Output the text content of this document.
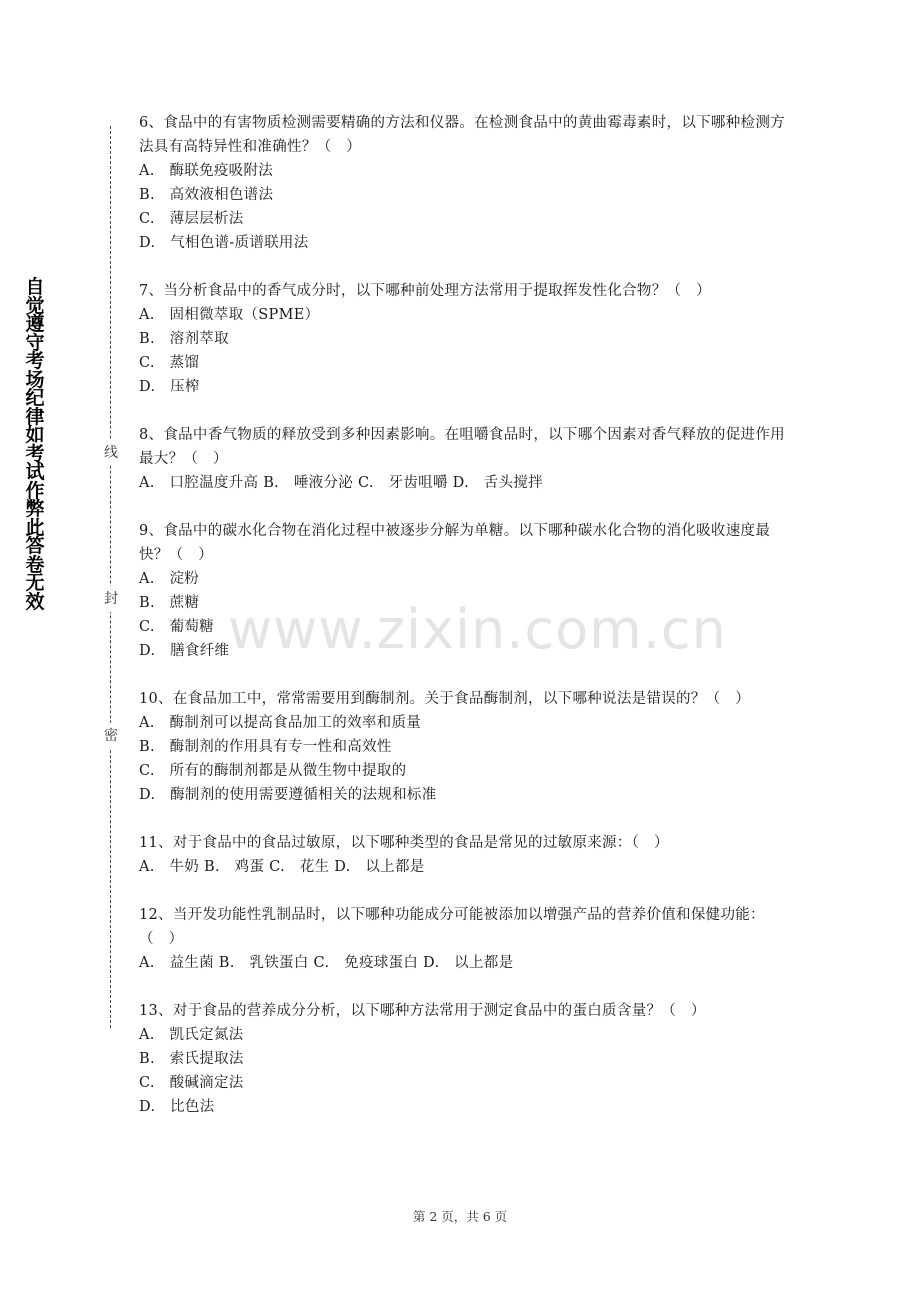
自觉遵守考场纪律如考试作弊此答卷无效
线
封
密

6、食品中的有害物质检测需要精确的方法和仪器。在检测食品中的黄曲霉毒素时，以下哪种检测方法具有高特异性和准确性？（　）

A.　酶联免疫吸附法

B.　高效液相色谱法

C.　薄层层析法

D.　气相色谱-质谱联用法

7、当分析食品中的香气成分时，以下哪种前处理方法常用于提取挥发性化合物？（　）

A.　固相微萃取（SPME）

B.　溶剂萃取

C.　蒸馏

D.　压榨

8、食品中香气物质的释放受到多种因素影响。在咀嚼食品时，以下哪个因素对香气释放的促进作用最大？（　）

A.　口腔温度升高 B.　唾液分泌 C.　牙齿咀嚼 D.　舌头搅拌

9、食品中的碳水化合物在消化过程中被逐步分解为单糖。以下哪种碳水化合物的消化吸收速度最快？（　）

A.　淀粉

B.　蔗糖

C.　葡萄糖

D.　膳食纤维

10、在食品加工中，常常需要用到酶制剂。关于食品酶制剂，以下哪种说法是错误的？（　）

A.　酶制剂可以提高食品加工的效率和质量

B.　酶制剂的作用具有专一性和高效性

C.　所有的酶制剂都是从微生物中提取的

D.　酶制剂的使用需要遵循相关的法规和标准

11、对于食品中的食品过敏原，以下哪种类型的食品是常见的过敏原来源：（　）

A.　牛奶 B.　鸡蛋 C.　花生 D.　以上都是

12、当开发功能性乳制品时，以下哪种功能成分可能被添加以增强产品的营养价值和保健功能：（　）

A.　益生菌 B.　乳铁蛋白 C.　免疫球蛋白 D.　以上都是

13、对于食品的营养成分分析，以下哪种方法常用于测定食品中的蛋白质含量？（　）

A.　凯氏定氮法

B.　索氏提取法

C.　酸碱滴定法

D.　比色法

www.zixin.com.cn
第 2 页，共 6 页
